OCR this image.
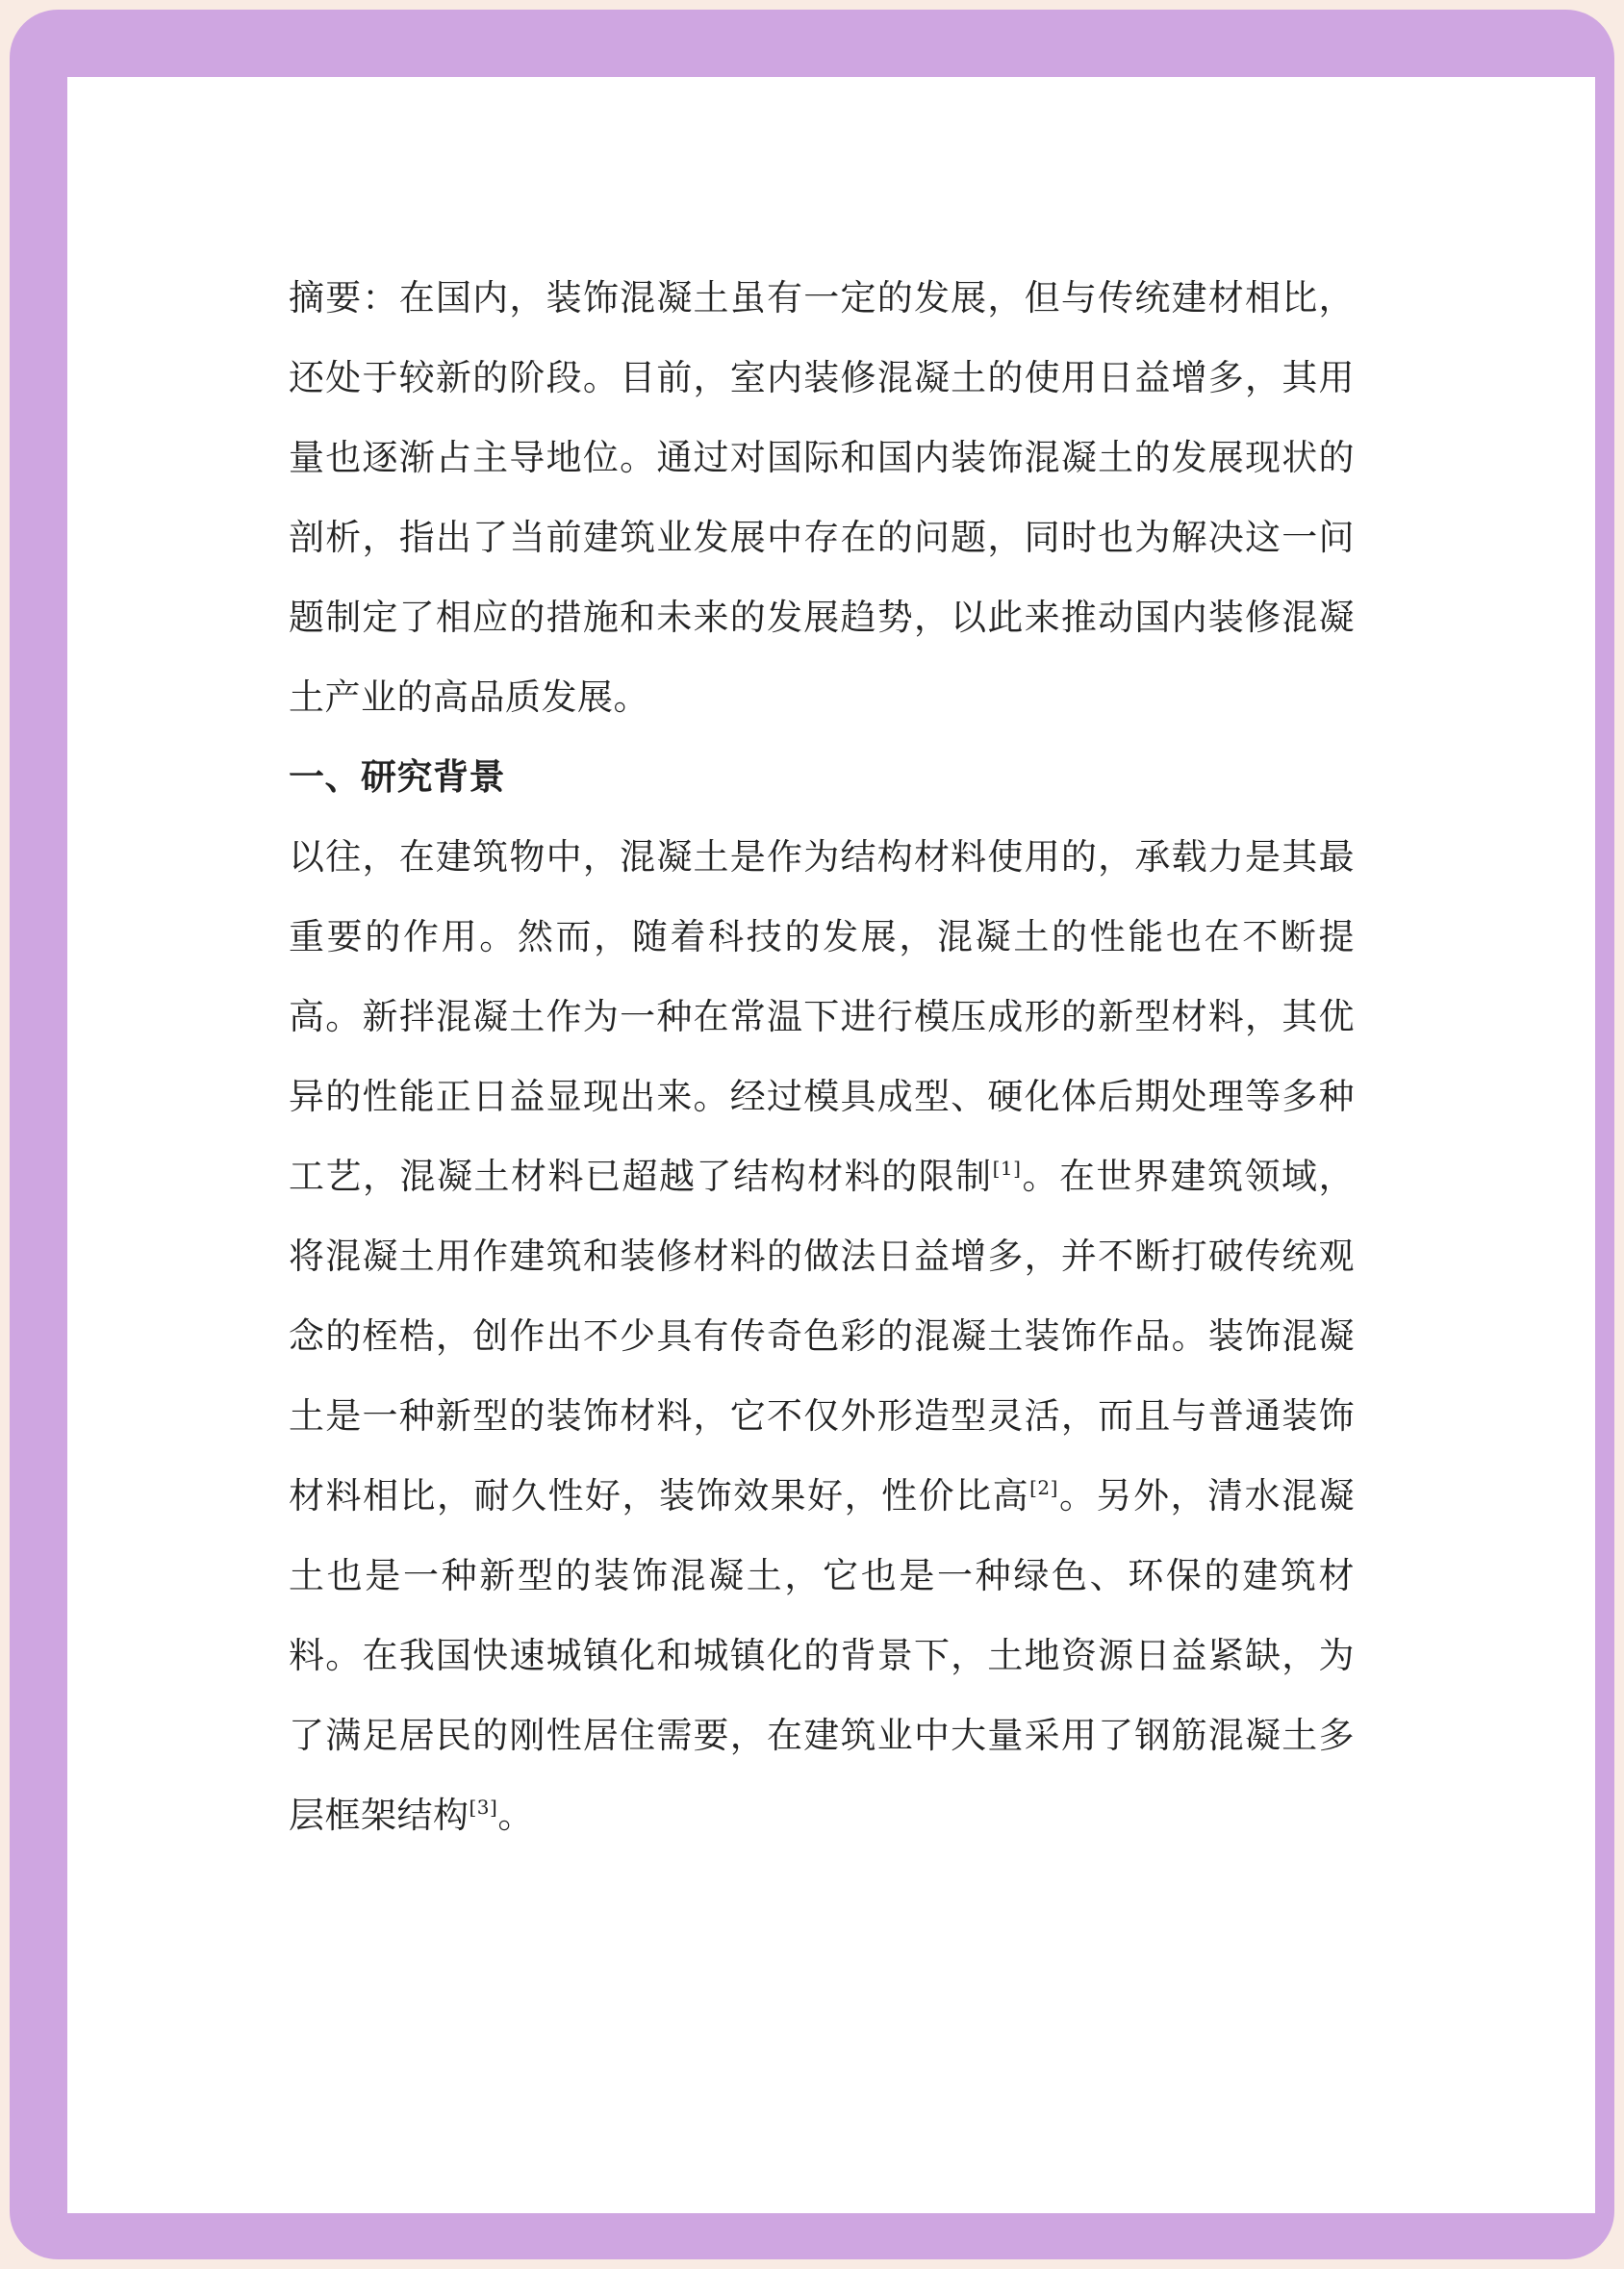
摘要：在国内，装饰混凝土虽有一定的发展，但与传统建材相比，还处于较新的阶段。目前，室内装修混凝土的使用日益增多，其用量也逐渐占主导地位。通过对国际和国内装饰混凝土的发展现状的剖析，指出了当前建筑业发展中存在的问题，同时也为解决这一问题制定了相应的措施和未来的发展趋势，以此来推动国内装修混凝土产业的高品质发展。

一、研究背景

以往，在建筑物中，混凝土是作为结构材料使用的，承载力是其最重要的作用。然而，随着科技的发展，混凝土的性能也在不断提高。新拌混凝土作为一种在常温下进行模压成形的新型材料，其优异的性能正日益显现出来。经过模具成型、硬化体后期处理等多种工艺，混凝土材料已超越了结构材料的限制[1]。在世界建筑领域，将混凝土用作建筑和装修材料的做法日益增多，并不断打破传统观念的桎梏，创作出不少具有传奇色彩的混凝土装饰作品。装饰混凝土是一种新型的装饰材料，它不仅外形造型灵活，而且与普通装饰材料相比，耐久性好，装饰效果好，性价比高[2]。另外，清水混凝土也是一种新型的装饰混凝土，它也是一种绿色、环保的建筑材料。在我国快速城镇化和城镇化的背景下，土地资源日益紧缺，为了满足居民的刚性居住需要，在建筑业中大量采用了钢筋混凝土多层框架结构[3]。
